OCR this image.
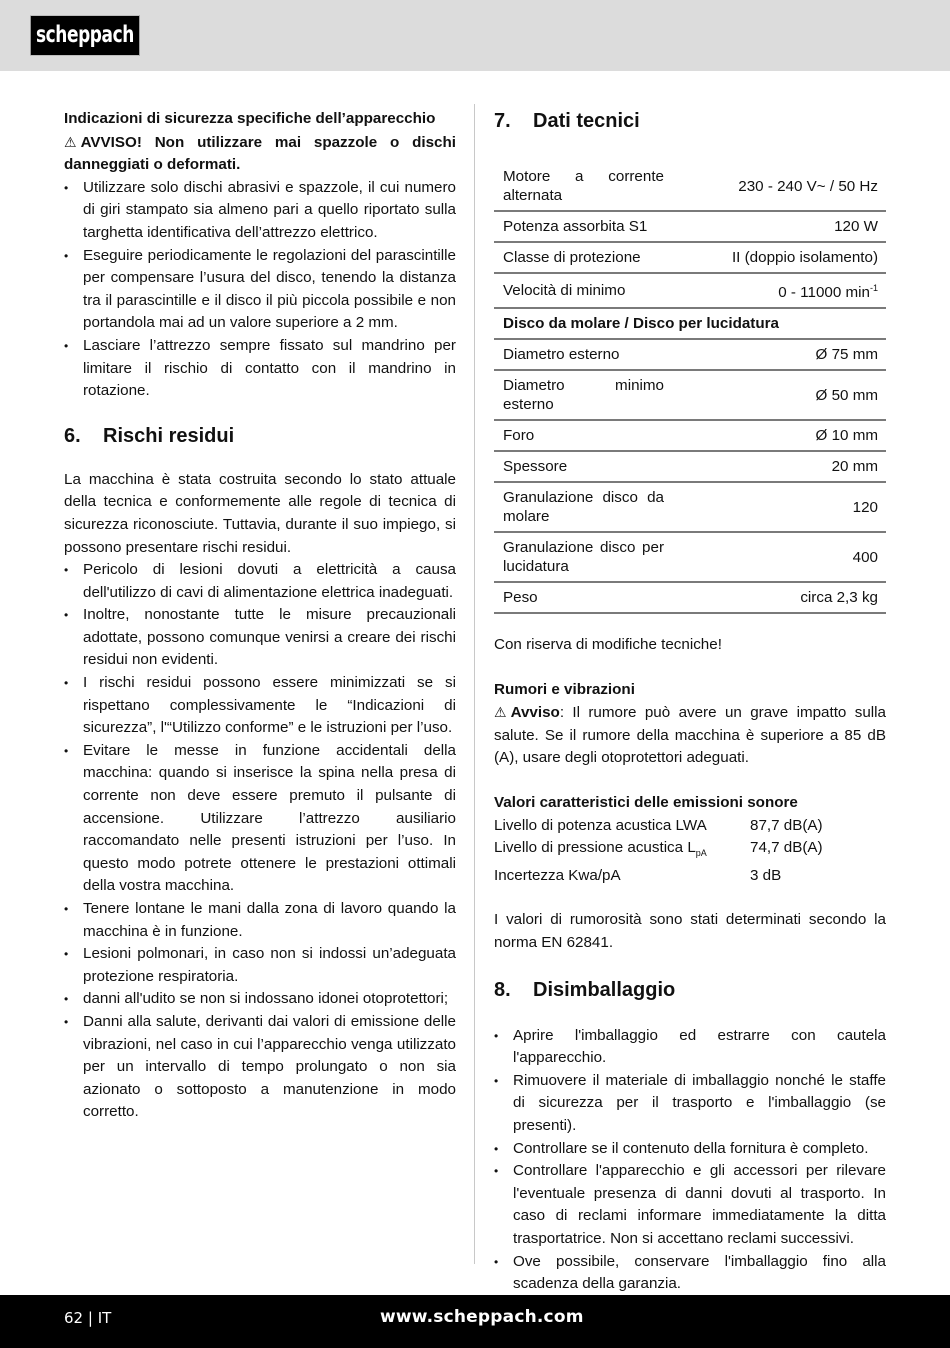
scheppach

Indicazioni di sicurezza specifiche dell’apparecchio

⚠ AVVISO! Non utilizzare mai spazzole o dischi danneggiati o deformati.

• Utilizzare solo dischi abrasivi e spazzole, il cui numero di giri stampato sia almeno pari a quello riportato sulla targhetta identificativa dell’attrezzo elettrico.
• Eseguire periodicamente le regolazioni del parascintille per compensare l’usura del disco, tenendo la distanza tra il parascintille e il disco il più piccola possibile e non portandola mai ad un valore superiore a 2 mm.
• Lasciare l’attrezzo sempre fissato sul mandrino per limitare il rischio di contatto con il mandrino in rotazione.
6.	Rischi residui

La macchina è stata costruita secondo lo stato attuale della tecnica e conformemente alle regole di tecnica di sicurezza riconosciute. Tuttavia, durante il suo impiego, si possono presentare rischi residui.

• Pericolo di lesioni dovuti a elettricità a causa dell'utilizzo di cavi di alimentazione elettrica inadeguati.
• Inoltre, nonostante tutte le misure precauzionali adottate, possono comunque venirsi a creare dei rischi residui non evidenti.
• I rischi residui possono essere minimizzati se si rispettano complessivamente le “Indicazioni di sicurezza”, l'“Utilizzo conforme” e le istruzioni per l’uso.
• Evitare le messe in funzione accidentali della macchina: quando si inserisce la spina nella presa di corrente non deve essere premuto il pulsante di accensione. Utilizzare l’attrezzo ausiliario raccomandato nelle presenti istruzioni per l’uso. In questo modo potrete ottenere le prestazioni ottimali della vostra macchina.
• Tenere lontane le mani dalla zona di lavoro quando la macchina è in funzione.
• Lesioni polmonari, in caso non si indossi un’adeguata protezione respiratoria.
• danni all'udito se non si indossano idonei otoprotettori;
• Danni alla salute, derivanti dai valori di emissione delle vibrazioni, nel caso in cui l’apparecchio venga utilizzato per un intervallo di tempo prolungato o non sia azionato o sottoposto a manutenzione in modo corretto.
7.	Dati tecnici
Motore a corrente alternata	230 - 240 V~ / 50 Hz
Potenza assorbita S1	120 W
Classe di protezione	II (doppio isolamento)
Velocità di minimo	0 - 11000 $\min^{-1}$
Disco da molare / Disco per lucidatura	
Diametro esterno	Ø 75 mm
Diametro minimo esterno	Ø 50 mm
Foro	Ø 10 mm
Spessore	20 mm
Granulazione disco da molare	120
Granulazione disco per lucidatura	400
Peso	circa 2,3 kg

Con riserva di modifiche tecniche!

Rumori e vibrazioni

⚠ Avviso: Il rumore può avere un grave impatto sulla salute. Se il rumore della macchina è superiore a 85 dB (A), usare degli otoprotettori adeguati.

Valori caratteristici delle emissioni sonore

Livello di potenza acustica LWA	87,7 dB(A)
Livello di pressione acustica $L_{pA}$	74,7 dB(A)
Incertezza Kwa/pA	3 dB

I valori di rumorosità sono stati determinati secondo la norma EN 62841.

8.	Disimballaggio
• Aprire l'imballaggio ed estrarre con cautela l'apparecchio.
• Rimuovere il materiale di imballaggio nonché le staffe di sicurezza per il trasporto e l'imballaggio (se presenti).
• Controllare se il contenuto della fornitura è completo.
• Controllare l'apparecchio e gli accessori per rilevare l'eventuale presenza di danni dovuti al trasporto. In caso di reclami informare immediatamente la ditta trasportatrice. Non si accettano reclami successivi.
• Ove possibile, conservare l'imballaggio fino alla scadenza della garanzia.
62 | IT	www.scheppach.com
